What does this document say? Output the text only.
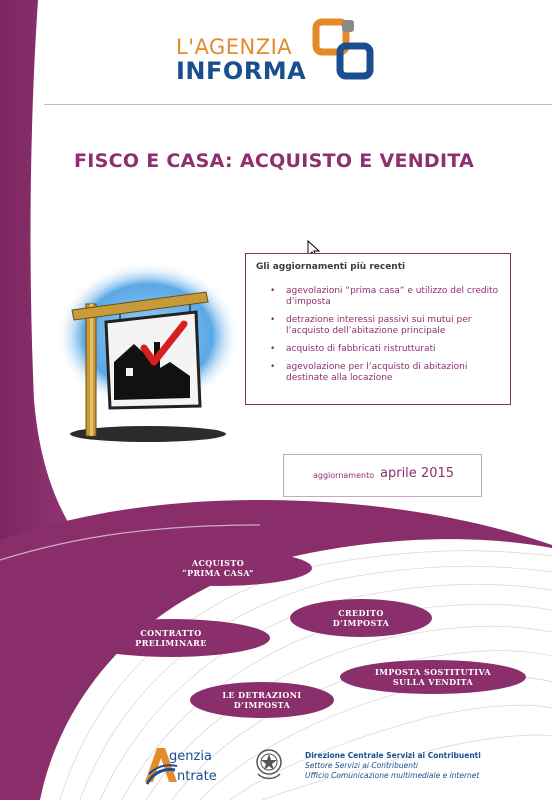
L'AGENZIA
INFORMA
FISCO E CASA: ACQUISTO E VENDITA
Gli aggiornamenti più recenti
• agevolazioni “prima casa” e utilizzo del credito d’imposta
• detrazione interessi passivi sui mutui per l’acquisto dell’abitazione principale
• acquisto di fabbricati ristrutturati
• agevolazione per l’acquisto di abitazioni destinate alla locazione
aggiornamento aprile 2015
ACQUISTO
“PRIMA CASA”
CREDITO
D’IMPOSTA
CONTRATTO
PRELIMINARE
IMPOSTA SOSTITUTIVA
SULLA VENDITA
LE DETRAZIONI
D’IMPOSTA
genzia
ntrate
Direzione Centrale Servizi ai Contribuenti
Settore Servizi ai Contribuenti
Ufficio Comunicazione multimediale e internet
